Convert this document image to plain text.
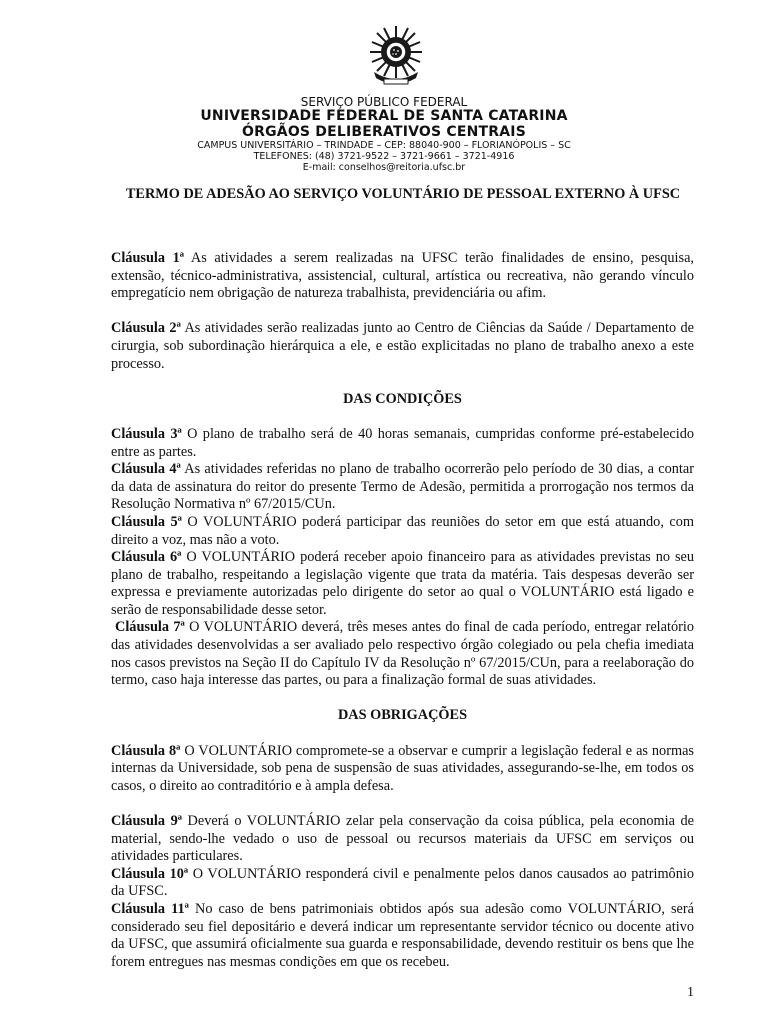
SERVIÇO PÚBLICO FEDERAL
UNIVERSIDADE FEDERAL DE SANTA CATARINA
ÓRGÃOS DELIBERATIVOS CENTRAIS
CAMPUS UNIVERSITÁRIO – TRINDADE – CEP: 88040-900 – FLORIANÓPOLIS – SC
TELEFONES: (48) 3721-9522 – 3721-9661 – 3721-4916
E-mail: conselhos@reitoria.ufsc.br
TERMO DE ADESÃO AO SERVIÇO VOLUNTÁRIO DE PESSOAL EXTERNO À UFSC

Cláusula 1ª As atividades a serem realizadas na UFSC terão finalidades de ensino, pesquisa, extensão, técnico-administrativa, assistencial, cultural, artística ou recreativa, não gerando vínculo empregatício nem obrigação de natureza trabalhista, previdenciária ou afim.

Cláusula 2ª As atividades serão realizadas junto ao Centro de Ciências da Saúde / Departamento de cirurgia, sob subordinação hierárquica a ele, e estão explicitadas no plano de trabalho anexo a este processo.

DAS CONDIÇÕES

Cláusula 3ª O plano de trabalho será de 40 horas semanais, cumpridas conforme pré-estabelecido entre as partes.

Cláusula 4ª As atividades referidas no plano de trabalho ocorrerão pelo período de 30 dias, a contar da data de assinatura do reitor do presente Termo de Adesão, permitida a prorrogação nos termos da Resolução Normativa nº 67/2015/CUn.

Cláusula 5ª O VOLUNTÁRIO poderá participar das reuniões do setor em que está atuando, com direito a voz, mas não a voto.

Cláusula 6ª O VOLUNTÁRIO poderá receber apoio financeiro para as atividades previstas no seu plano de trabalho, respeitando a legislação vigente que trata da matéria. Tais despesas deverão ser expressa e previamente autorizadas pelo dirigente do setor ao qual o VOLUNTÁRIO está ligado e serão de responsabilidade desse setor.

Cláusula 7ª O VOLUNTÁRIO deverá, três meses antes do final de cada período, entregar relatório das atividades desenvolvidas a ser avaliado pelo respectivo órgão colegiado ou pela chefia imediata nos casos previstos na Seção II do Capítulo IV da Resolução nº 67/2015/CUn, para a reelaboração do termo, caso haja interesse das partes, ou para a finalização formal de suas atividades.

DAS OBRIGAÇÕES

Cláusula 8ª O VOLUNTÁRIO compromete-se a observar e cumprir a legislação federal e as normas internas da Universidade, sob pena de suspensão de suas atividades, assegurando-se-lhe, em todos os casos, o direito ao contraditório e à ampla defesa.

Cláusula 9ª Deverá o VOLUNTÁRIO zelar pela conservação da coisa pública, pela economia de material, sendo-lhe vedado o uso de pessoal ou recursos materiais da UFSC em serviços ou atividades particulares.

Cláusula 10ª O VOLUNTÁRIO responderá civil e penalmente pelos danos causados ao patrimônio da UFSC.

Cláusula 11ª No caso de bens patrimoniais obtidos após sua adesão como VOLUNTÁRIO, será considerado seu fiel depositário e deverá indicar um representante servidor técnico ou docente ativo da UFSC, que assumirá oficialmente sua guarda e responsabilidade, devendo restituir os bens que lhe forem entregues nas mesmas condições em que os recebeu.

1
